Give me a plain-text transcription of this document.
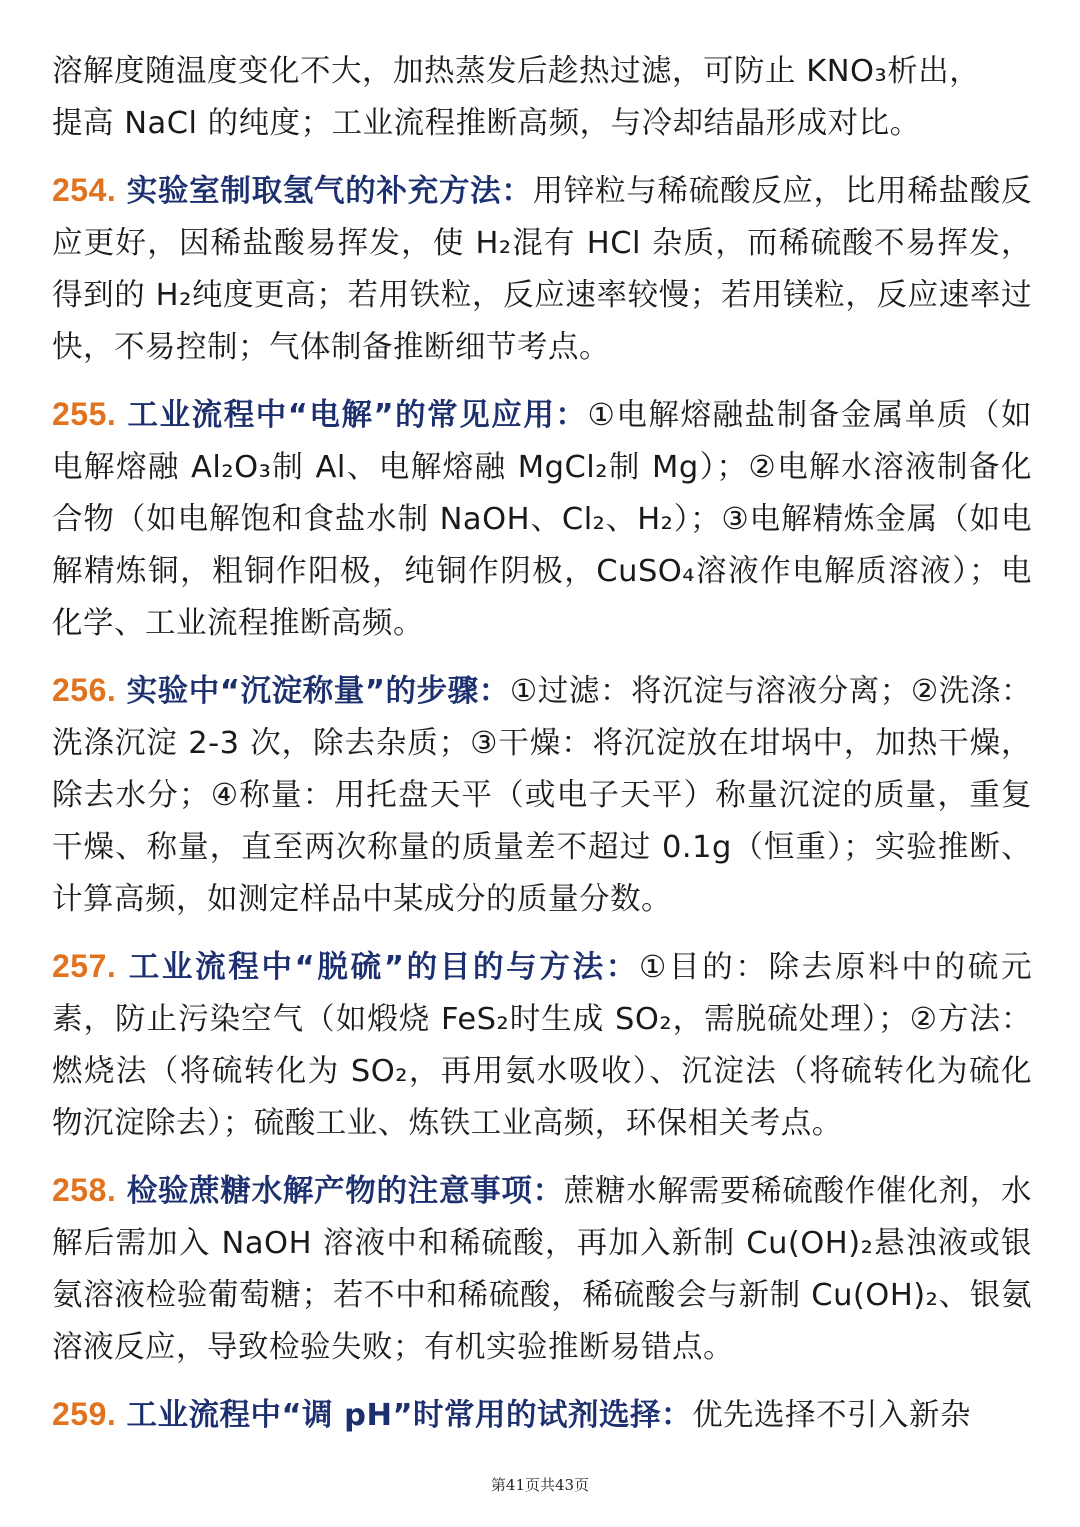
溶解度随温度变化不大，加热蒸发后趁热过滤，可防止 KNO₃析出，
提高 NaCl 的纯度；工业流程推断高频，与冷却结晶形成对比。

254. 实验室制取氢气的补充方法：用锌粒与稀硫酸反应，比用稀盐酸反应更好，因稀盐酸易挥发，使 H₂混有 HCl 杂质，而稀硫酸不易挥发，得到的 H₂纯度更高；若用铁粒，反应速率较慢；若用镁粒，反应速率过快，不易控制；气体制备推断细节考点。

255. 工业流程中“电解”的常见应用：①电解熔融盐制备金属单质（如电解熔融 Al₂O₃制 Al、电解熔融 MgCl₂制 Mg）；②电解水溶液制备化合物（如电解饱和食盐水制 NaOH、Cl₂、H₂）；③电解精炼金属（如电解精炼铜，粗铜作阳极，纯铜作阴极，CuSO₄溶液作电解质溶液）；电化学、工业流程推断高频。

256. 实验中“沉淀称量”的步骤：①过滤：将沉淀与溶液分离；②洗涤：洗涤沉淀 2-3 次，除去杂质；③干燥：将沉淀放在坩埚中，加热干燥，除去水分；④称量：用托盘天平（或电子天平）称量沉淀的质量，重复干燥、称量，直至两次称量的质量差不超过 0.1g（恒重）；实验推断、计算高频，如测定样品中某成分的质量分数。

257. 工业流程中“脱硫”的目的与方法：①目的：除去原料中的硫元素，防止污染空气（如煅烧 FeS₂时生成 SO₂，需脱硫处理）；②方法：燃烧法（将硫转化为 SO₂，再用氨水吸收）、沉淀法（将硫转化为硫化物沉淀除去）；硫酸工业、炼铁工业高频，环保相关考点。

258. 检验蔗糖水解产物的注意事项：蔗糖水解需要稀硫酸作催化剂，水解后需加入 NaOH 溶液中和稀硫酸，再加入新制 Cu(OH)₂悬浊液或银氨溶液检验葡萄糖；若不中和稀硫酸，稀硫酸会与新制 Cu(OH)₂、银氨溶液反应，导致检验失败；有机实验推断易错点。

259. 工业流程中“调 pH”时常用的试剂选择：优先选择不引入新杂

第41页共43页
